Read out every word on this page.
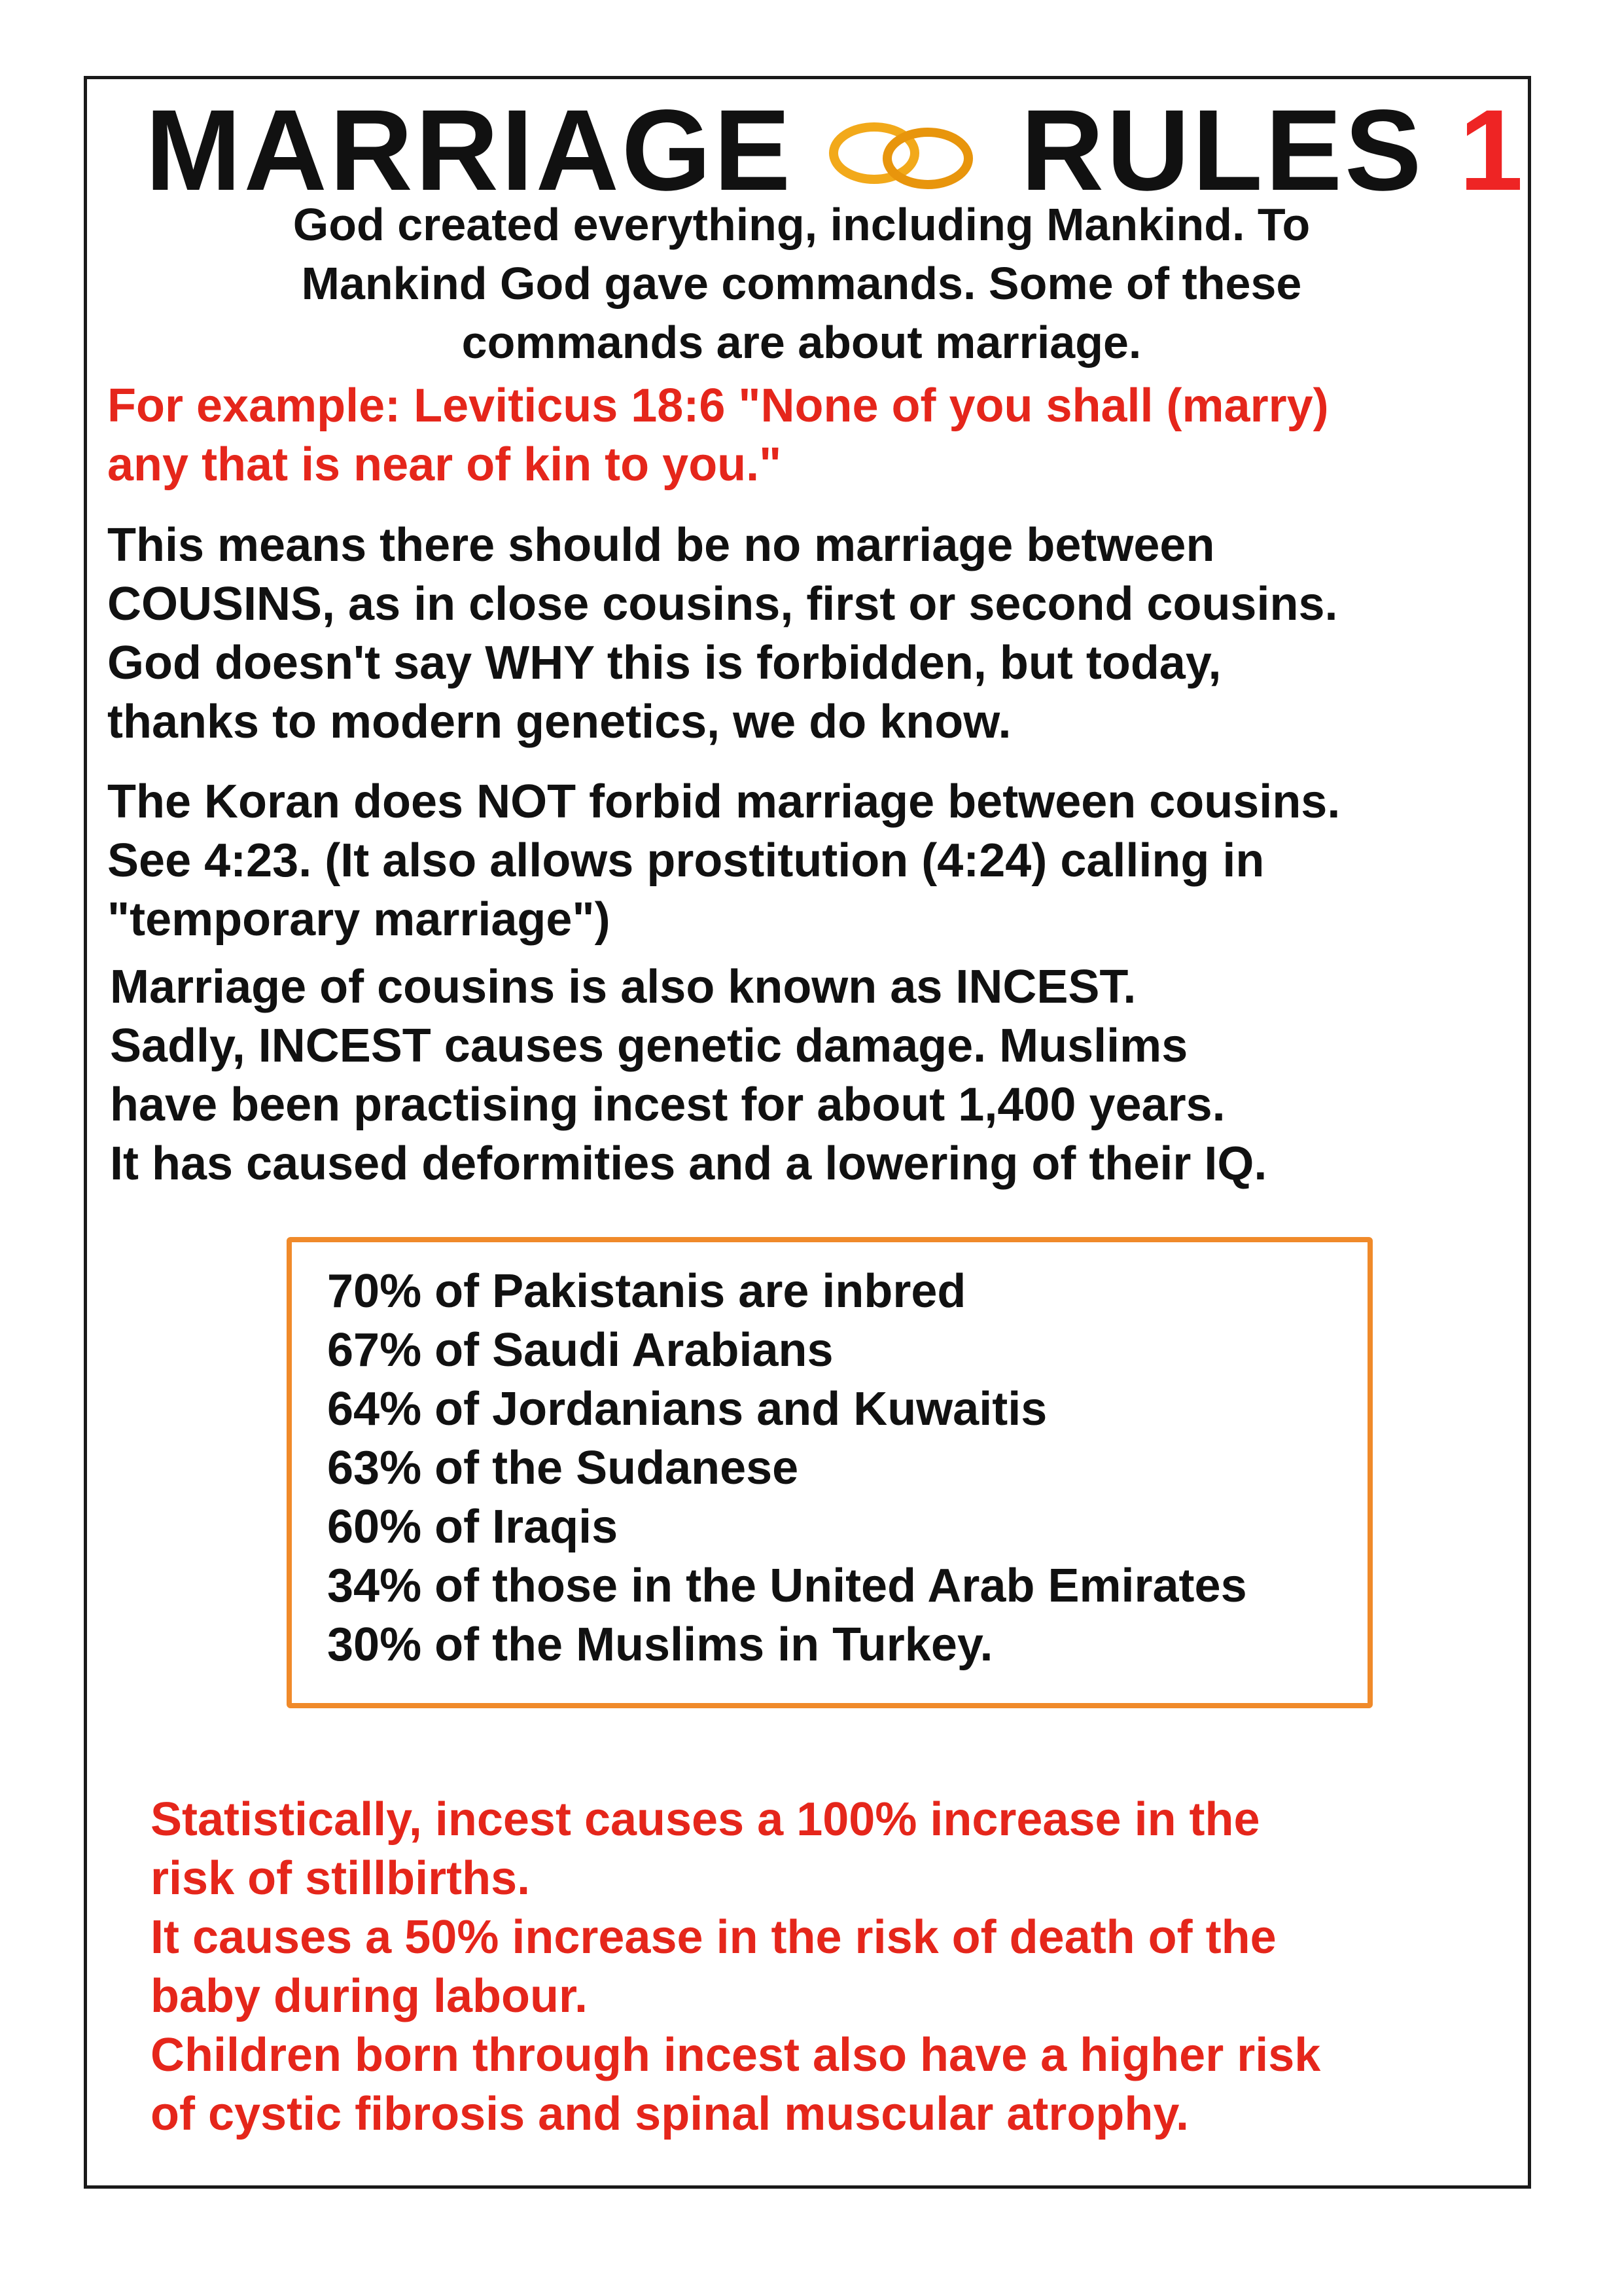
MARRIAGE RULES 1
God created everything, including Mankind. To
Mankind God gave commands. Some of these
commands are about marriage.
For example: Leviticus 18:6 "None of you shall (marry)
any that is near of kin to you."
This means there should be no marriage between
COUSINS, as in close cousins, first or second cousins.
God doesn't say WHY this is forbidden, but today,
thanks to modern genetics, we do know.
The Koran does NOT forbid marriage between cousins.
See 4:23. (It also allows prostitution (4:24) calling in
"temporary marriage")
Marriage of cousins is also known as INCEST.
Sadly, INCEST causes genetic damage. Muslims
have been practising incest for about 1,400 years.
It has caused deformities and a lowering of their IQ.
70% of Pakistanis are inbred
67% of Saudi Arabians
64% of Jordanians and Kuwaitis
63% of the Sudanese
60% of Iraqis
34% of those in the United Arab Emirates
30% of the Muslims in Turkey.
Statistically, incest causes a 100% increase in the
risk of stillbirths.
It causes a 50% increase in the risk of death of the
baby during labour.
Children born through incest also have a higher risk
of cystic fibrosis and spinal muscular atrophy.
